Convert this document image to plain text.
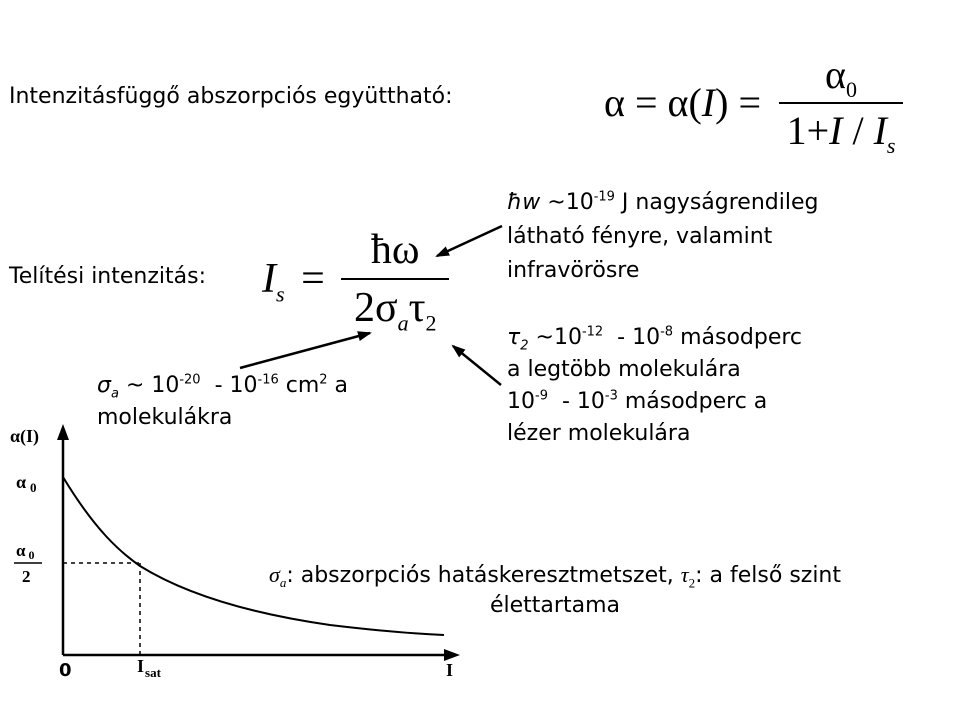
Intenzitásfüggő abszorpciós együttható:	$\alpha = \alpha(I) = \frac{\alpha_0}{1+I / I_s}$
Telítési intenzitás: $I_s = \frac{ħ\omega}{2\sigma_a\tau_2}$
ħw $\sim 10^{-19}$ J nagyságrendileg
látható fényre, valamint
infravörösre
$\tau_2$ $\sim 10^{-12} - 10^{-8}$ másodperc
a legtöbb molekulára
$10^{-9} - 10^{-3}$ másodperc a
lézer molekulára
$\sigma_a$ ~ $10^{-20} - 10^{-16}$ $cm^2$ a
molekulákra
α(I)
α $_0$
α 0
2
0	$I_{sat}$	I
$\sigma_a$: abszorpciós hatáskeresztmetszet, $\tau_2$: a felső szint
élettartama
